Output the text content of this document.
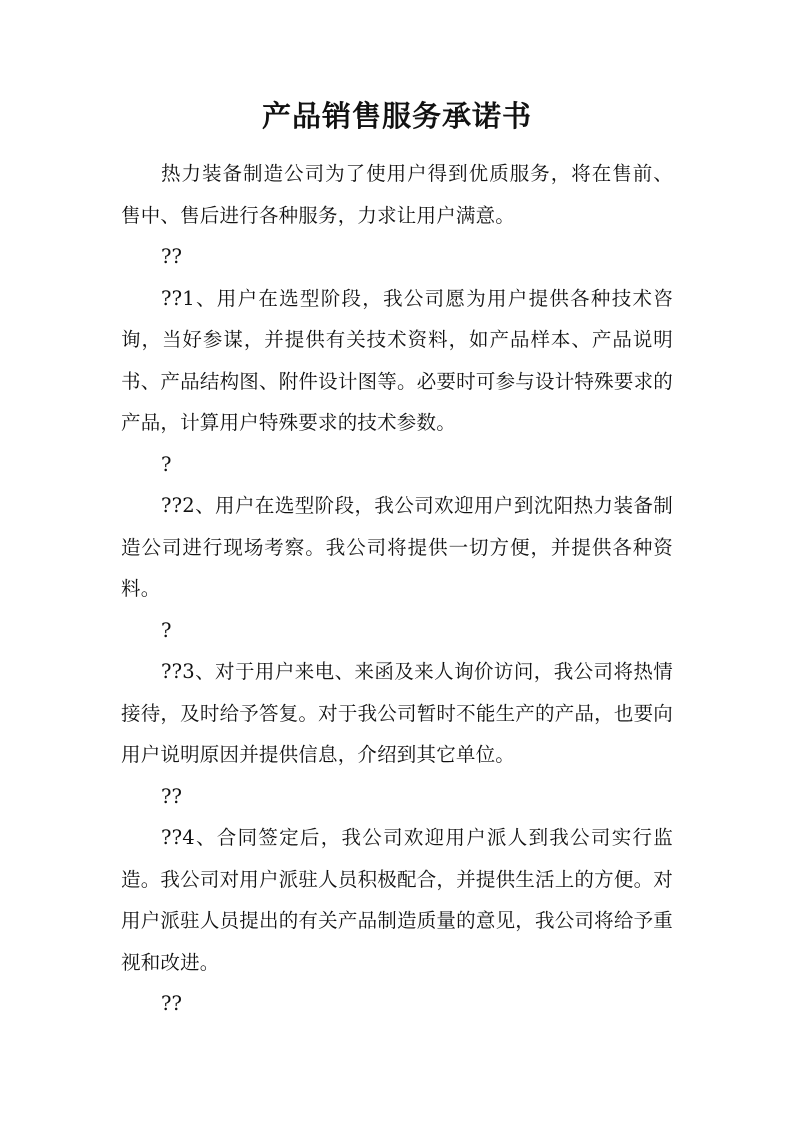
产品销售服务承诺书

热力装备制造公司为了使用户得到优质服务，将在售前、售中、售后进行各种服务，力求让用户满意。

??

??1、用户在选型阶段，我公司愿为用户提供各种技术咨询，当好参谋，并提供有关技术资料，如产品样本、产品说明书、产品结构图、附件设计图等。必要时可参与设计特殊要求的产品，计算用户特殊要求的技术参数。

?

??2、用户在选型阶段，我公司欢迎用户到沈阳热力装备制造公司进行现场考察。我公司将提供一切方便，并提供各种资料。

?

??3、对于用户来电、来函及来人询价访问，我公司将热情接待，及时给予答复。对于我公司暂时不能生产的产品，也要向用户说明原因并提供信息，介绍到其它单位。

??

??4、合同签定后，我公司欢迎用户派人到我公司实行监造。我公司对用户派驻人员积极配合，并提供生活上的方便。对用户派驻人员提出的有关产品制造质量的意见，我公司将给予重视和改进。

??
